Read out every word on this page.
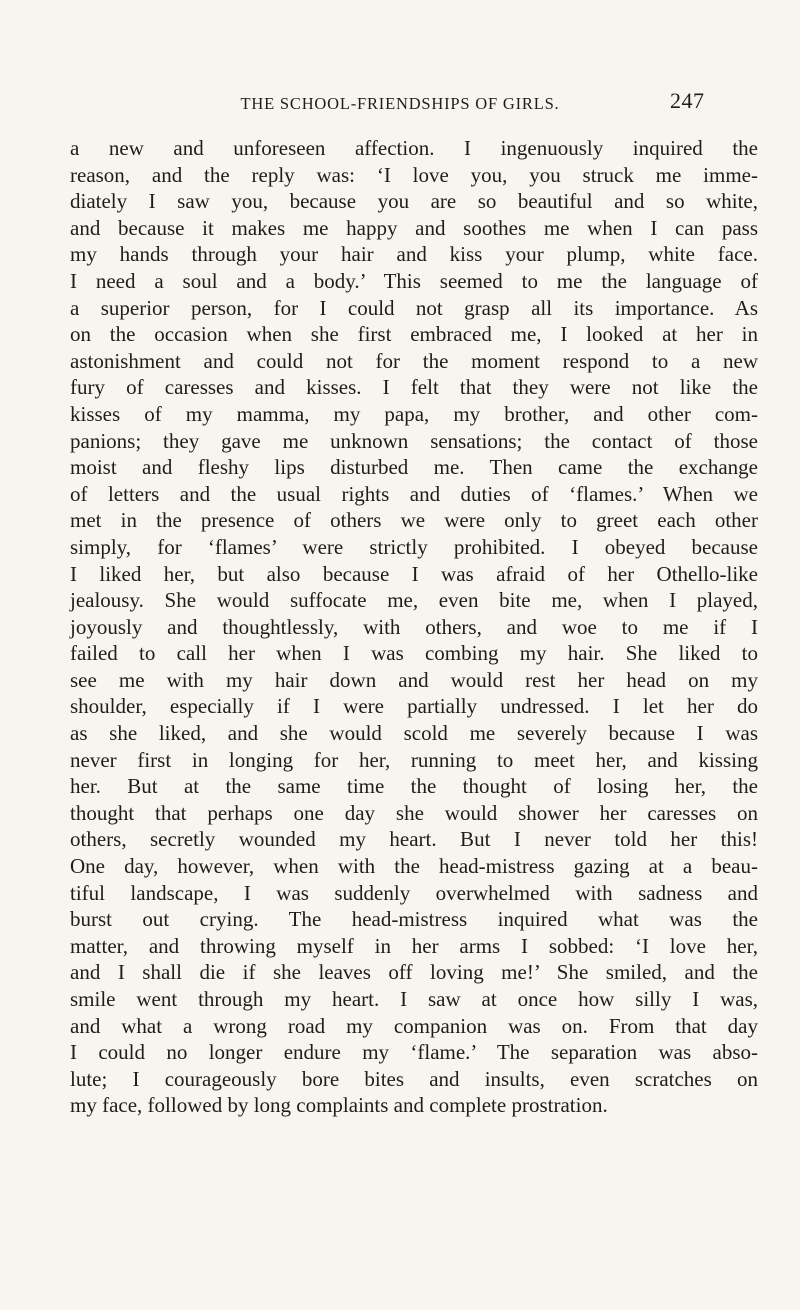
THE SCHOOL-FRIENDSHIPS OF GIRLS.	247
a new and unforeseen affection. I ingenuously inquired the
reason, and the reply was: ‘I love you, you struck me imme-
diately I saw you, because you are so beautiful and so white,
and because it makes me happy and soothes me when I can pass
my hands through your hair and kiss your plump, white face.
I need a soul and a body.’ This seemed to me the language of
a superior person, for I could not grasp all its importance. As
on the occasion when she first embraced me, I looked at her in
astonishment and could not for the moment respond to a new
fury of caresses and kisses. I felt that they were not like the
kisses of my mamma, my papa, my brother, and other com-
panions; they gave me unknown sensations; the contact of those
moist and fleshy lips disturbed me. Then came the exchange
of letters and the usual rights and duties of ‘flames.’ When we
met in the presence of others we were only to greet each other
simply, for ‘flames’ were strictly prohibited. I obeyed because
I liked her, but also because I was afraid of her Othello-like
jealousy. She would suffocate me, even bite me, when I played,
joyously and thoughtlessly, with others, and woe to me if I
failed to call her when I was combing my hair. She liked to
see me with my hair down and would rest her head on my
shoulder, especially if I were partially undressed. I let her do
as she liked, and she would scold me severely because I was
never first in longing for her, running to meet her, and kissing
her. But at the same time the thought of losing her, the
thought that perhaps one day she would shower her caresses on
others, secretly wounded my heart. But I never told her this!
One day, however, when with the head-mistress gazing at a beau-
tiful landscape, I was suddenly overwhelmed with sadness and
burst out crying. The head-mistress inquired what was the
matter, and throwing myself in her arms I sobbed: ‘I love her,
and I shall die if she leaves off loving me!’ She smiled, and the
smile went through my heart. I saw at once how silly I was,
and what a wrong road my companion was on. From that day
I could no longer endure my ‘flame.’ The separation was abso-
lute; I courageously bore bites and insults, even scratches on
my face, followed by long complaints and complete prostration.
